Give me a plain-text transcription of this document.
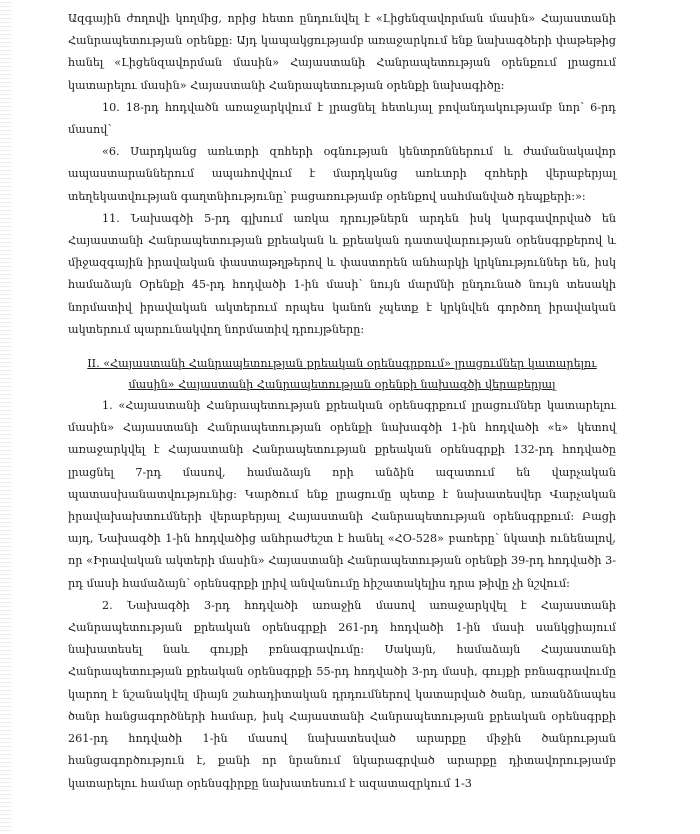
Ազգային ժողովի կողմից, որից հետո ընդունվել է «Լիցենզավորման մասին» Հայաստանի Հանրապետության օրենքը: Այդ կապակցությամբ առաջարկում ենք նախագծերի փաթեթից հանել «Լիցենզավորման մասին» Հայաստանի Հանրապետության օրենքում լրացում կատարելու մասին» Հայաստանի Հանրապետության օրենքի նախագիծը:

10. 18-րդ հոդվածն առաջարկվում է լրացնել հետևյալ բովանդակությամբ նոր՝ 6-րդ մասով՝

«6. Սարդկանց առևտրի զոհերի օգնության կենտրոններում և ժամանակավոր ապաստարաններում ապահովվում է մարդկանց առևտրի զոհերի վերաբերյալ տեղեկատվության գաղտնիությունը՝ բացառությամբ օրենքով սահմանված դեպքերի:»:

11. Նախագծի 5-րդ գլխում առկա դրույթներն արդեն իսկ կարգավորված են Հայաստանի Հանրապետության քրեական և քրեական դատավարության օրենսգրքերով և միջազգային իրավական փաստաթղթերով և փաստորեն անհարկի կրկնություններ են, իսկ համաձայն Օրենքի 45-րդ հոդվածի 1-ին մասի՝ նույն մարմնի ընդունած նույն տեսակի նորմատիվ իրավական ակտերում որպես կանոն չպետք է կրկնվեն գործող իրավական ակտերում պարունակվող նորմատիվ դրույթները:

II. «Հայաստանի Հանրապետության քրեական օրենսգրքում» լրացումներ կատարելու մասին» Հայաստանի Հանրապետության օրենքի նախագծի վերաբերյալ

1. «Հայաստանի Հանրապետության քրեական օրենսգրքում լրացումներ կատարելու մասին» Հայաստանի Հանրապետության օրենքի նախագծի 1-ին հոդվածի «ե» կետով առաջարկվել է Հայաստանի Հանրապետության քրեական օրենսգրքի 132-րդ հոդվածը լրացնել 7-րդ մասով, համաձայն որի անձին ազատում են վարչական պատասխանատվությունից: Կարծում ենք լրացումը պետք է նախատեսվեր Վարչական իրավախախտումների վերաբերյալ Հայաստանի Հանրապետության օրենսգրքում: Բացի այդ, Նախագծի 1-ին հոդվածից անհրաժեշտ է հանել «ՀՕ-528» բառերը՝ նկատի ունենալով, որ «Իրավական ակտերի մասին» Հայաստանի Հանրապետության օրենքի 39-րդ հոդվածի 3-րդ մասի համաձայն՝ օրենսգրքի լրիվ անվանումը հիշատակելիս դրա թիվը չի նշվում:

2. Նախագծի 3-րդ հոդվածի առաջին մասով առաջարկվել է Հայաստանի Հանրապետության քրեական օրենսգրքի 261-րդ հոդվածի 1-ին մասի սանկցիայում նախատեսել նաև գույքի բռնագրավումը: Սակայն, համաձայն Հայաստանի Հանրապետության քրեական օրենսգրքի 55-րդ հոդվածի 3-րդ մասի, գույքի բռնագրավումը կարող է նշանակվել միայն շահադիտական դրդումներով կատարված ծանր, առանձնապես ծանր հանցագործների համար, իսկ Հայաստանի Հանրապետության քրեական օրենսգրքի 261-րդ հոդվածի 1-ին մասով նախատեսված արարքը միջին ծանրության հանցագործություն է, քանի որ նրանում նկարագրված արարքը դիտավորությամբ կատարելու համար օրենսգիրքը նախատեսում է ազատազրկում 1-3
